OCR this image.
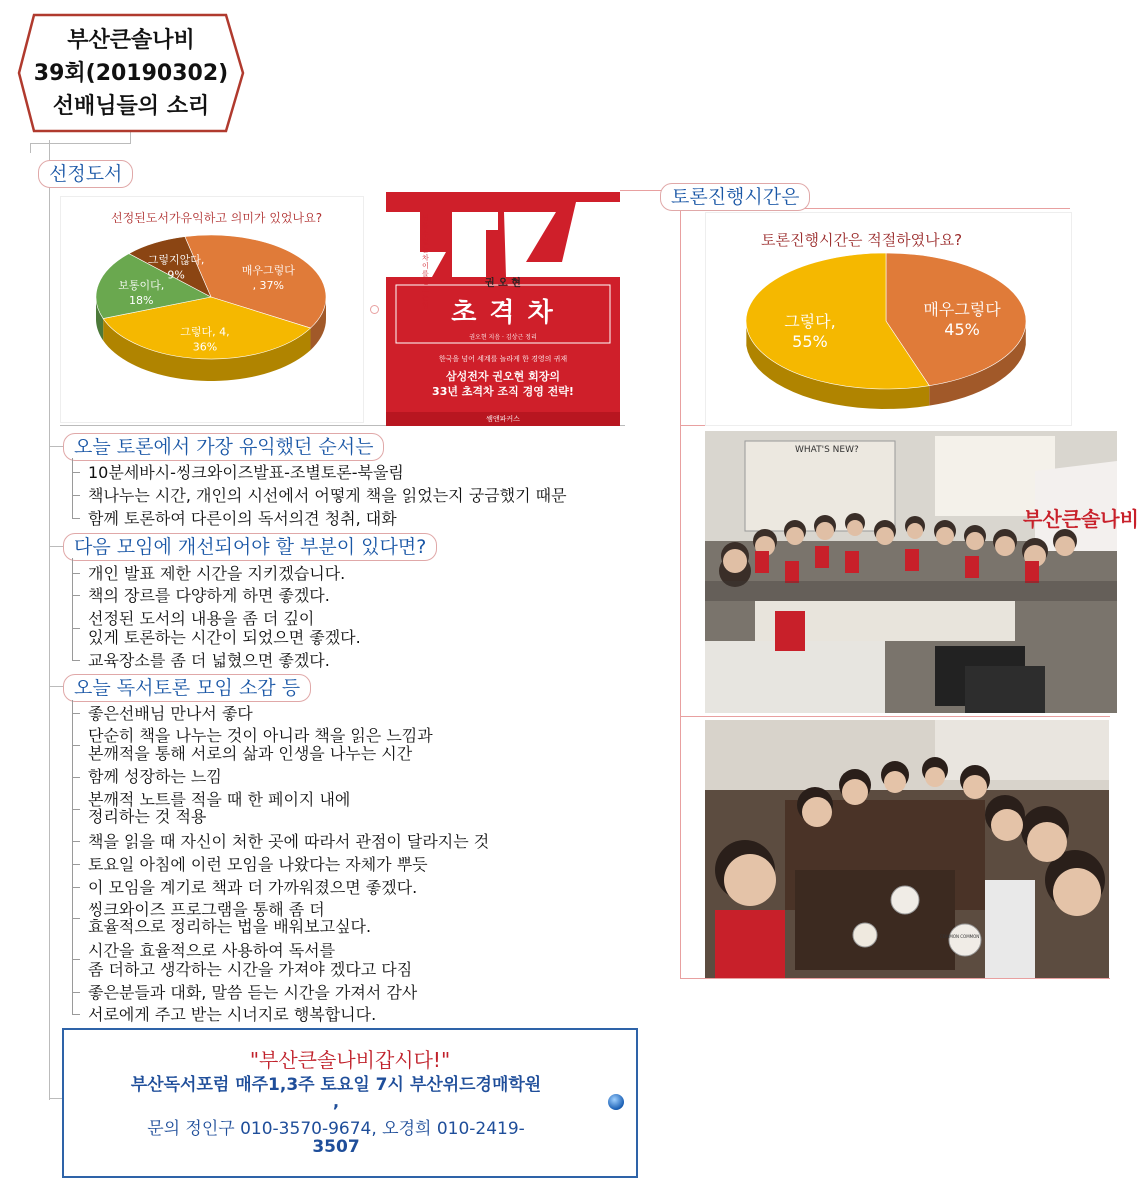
부산큰솔나비
39회(20190302)
선배님들의 소리
선정도서
토론진행시간은
오늘 토론에서 가장 유익했던 순서는
다음 모임에 개선되어야 할 부분이 있다면?
오늘 독서토론 모임 소감 등
선정된도서가유익하고 의미가 있었나요?
매우그렇다 , 37%
그렇다, 4, 36%
보통이다, 18%
그렇지않다, 9%
넘볼 수 없는 차이를 만드는 힘
권 오 현
초 격 차
권오현 지음 · 김상근 정리
한국을 넘어 세계를 놀라게 한 경영의 귀재
삼성전자 권오현 회장의
33년 초격차 조직 경영 전략!
쌤앤파커스
토론진행시간은 적절하였나요?
매우그렇다 45%
그렇다, 55%
부산큰솔나비
WHAT'S NEW?
COMMON COMMON
10분세바시-씽크와이즈발표-조별토론-북울림
책나누는 시간, 개인의 시선에서 어떻게 책을 읽었는지 궁금했기 때문
함께 토론하여 다른이의 독서의견 청취, 대화
개인 발표 제한 시간을 지키겠습니다.
책의 장르를 다양하게 하면 좋겠다.
선정된 도서의 내용을 좀 더 깊이
있게 토론하는 시간이 되었으면 좋겠다.
교육장소를 좀 더 넓혔으면 좋겠다.
좋은선배님 만나서 좋다
단순히 책을 나누는 것이 아니라 책을 읽은 느낌과
본깨적을 통해 서로의 삶과 인생을 나누는 시간
함께 성장하는 느낌
본깨적 노트를 적을 때 한 페이지 내에
정리하는 것 적용
책을 읽을 때 자신이 처한 곳에 따라서 관점이 달라지는 것
토요일 아침에 이런 모임을 나왔다는 자체가 뿌듯
이 모임을 계기로 책과 더 가까워졌으면 좋겠다.
씽크와이즈 프로그램을 통해 좀 더
효율적으로 정리하는 법을 배워보고싶다.
시간을 효율적으로 사용하여 독서를
좀 더하고 생각하는 시간을 가져야 겠다고 다짐
좋은분들과 대화, 말씀 듣는 시간을 가져서 감사
서로에게 주고 받는 시너지로 행복합니다.
"부산큰솔나비갑시다!"
부산독서포럼 매주1,3주 토요일 7시 부산위드경매학원
,
문의 정인구 010-3570-9674, 오경희 010-2419-
3507
